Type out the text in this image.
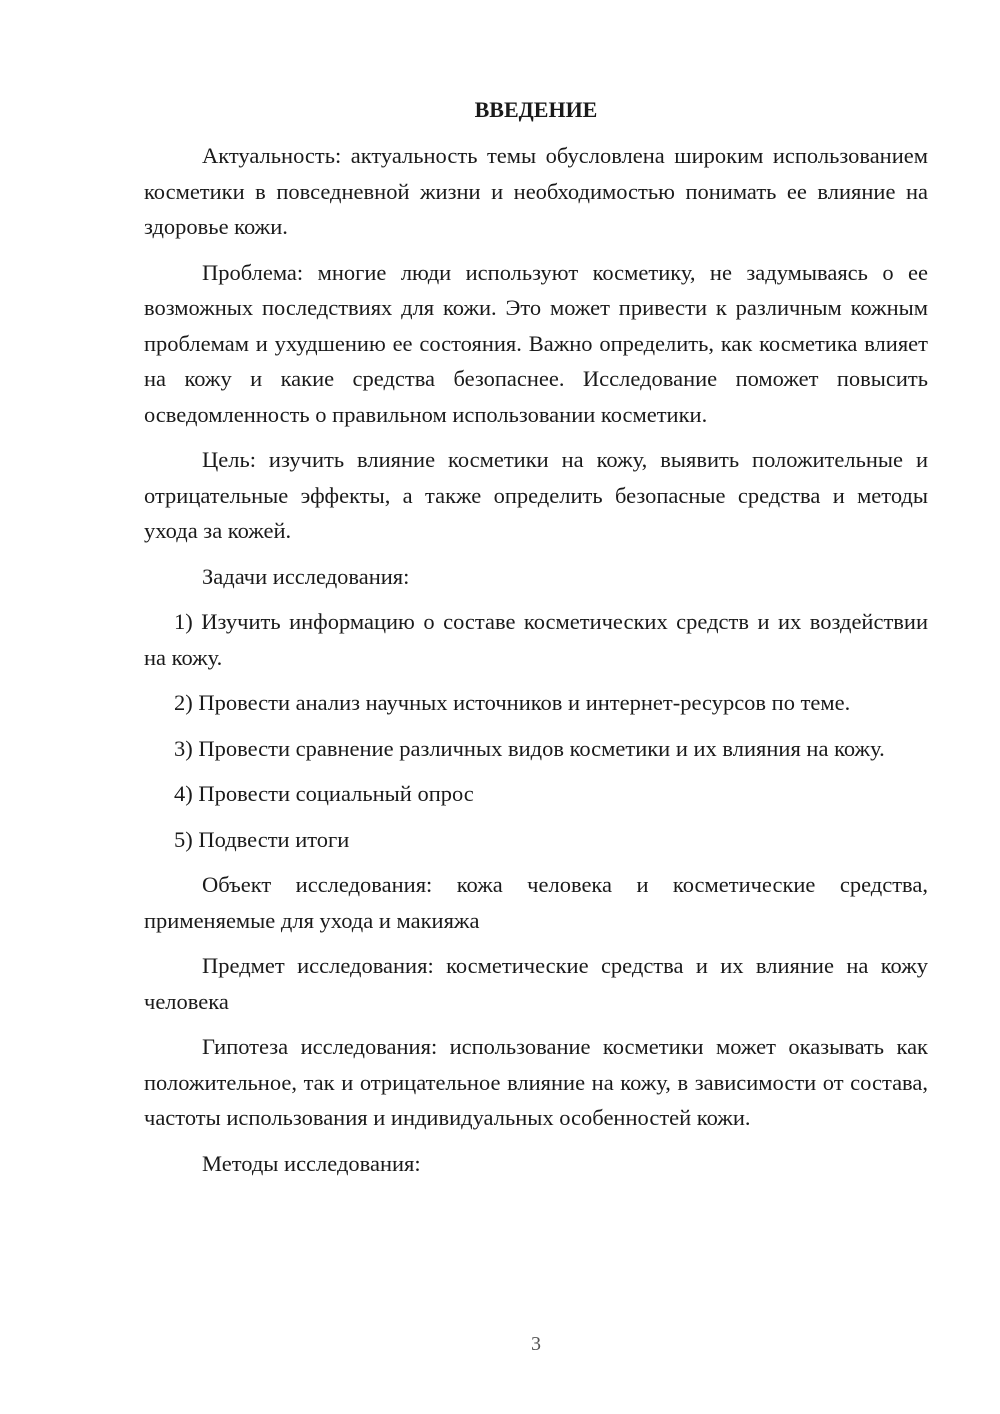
ВВЕДЕНИЕ

Актуальность: актуальность темы обусловлена широким использованием косметики в повседневной жизни и необходимостью понимать ее влияние на здоровье кожи.

Проблема: многие люди используют косметику, не задумываясь о ее возможных последствиях для кожи. Это может привести к различным кожным проблемам и ухудшению ее состояния. Важно определить, как косметика влияет на кожу и какие средства безопаснее. Исследование поможет повысить осведомленность о правильном использовании косметики.

Цель: изучить влияние косметики на кожу, выявить положительные и отрицательные эффекты, а также определить безопасные средства и методы ухода за кожей.

Задачи исследования:

1) Изучить информацию о составе косметических средств и их воздействии на кожу.

2) Провести анализ научных источников и интернет-ресурсов по теме.

3) Провести сравнение различных видов косметики и их влияния на кожу.

4) Провести социальный опрос

5) Подвести итоги

Объект исследования: кожа человека и косметические средства, применяемые для ухода и макияжа

Предмет исследования: косметические средства и их влияние на кожу человека

Гипотеза исследования: использование косметики может оказывать как положительное, так и отрицательное влияние на кожу, в зависимости от состава, частоты использования и индивидуальных особенностей кожи.

Методы исследования:

3
